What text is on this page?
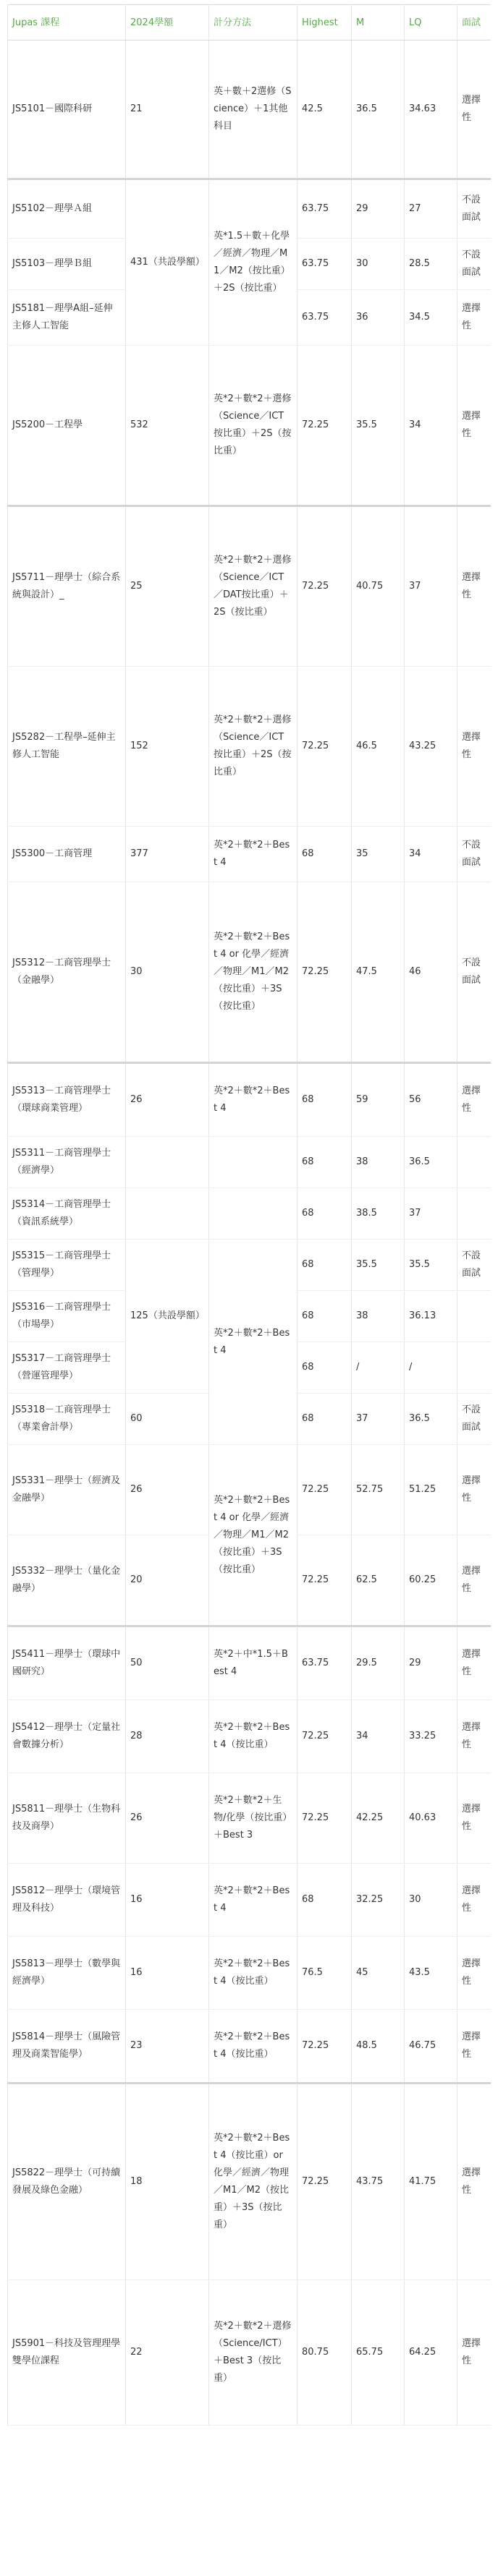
Jupas 課程	2024學額	計分方法	Highest	M	LQ	面試
JS5101－國際科研	21	英＋數＋2選修（Science）＋1其他科目	42.5	36.5	34.63	選擇性
JS5102－理學Ａ組	431（共設學額）	英*1.5＋數＋化學／經濟／物理／M1／M2（按比重）＋2S（按比重）	63.75	29	27	不設面試
JS5103－理學Ｂ組			63.75	30	28.5	不設面試
JS5181－理學A組–延伸主修人工智能			63.75	36	34.5	選擇性
JS5200－工程學	532	英*2＋數*2＋選修（Science／ICT按比重）＋2S（按比重）	72.25	35.5	34	選擇性
JS5711－理學士（綜合系統與設計）_	25	英*2＋數*2＋選修（Science／ICT／DAT按比重）＋2S（按比重）	72.25	40.75	37	選擇性
JS5282－工程學–延伸主修人工智能	152	英*2＋數*2＋選修（Science／ICT按比重）＋2S（按比重）	72.25	46.5	43.25	選擇性
JS5300－工商管理	377	英*2＋數*2＋Best 4	68	35	34	不設面試
JS5312－工商管理學士（金融學）	30	英*2＋數*2＋Best 4 or 化學／經濟／物理／M1／M2（按比重）＋3S（按比重）	72.25	47.5	46	不設面試
JS5313－工商管理學士（環球商業管理）	26	英*2＋數*2＋Best 4	68	59	56	選擇性
JS5311－工商管理學士（經濟學）			68	38	36.5	
JS5314－工商管理學士（資訊系統學）			68	38.5	37	
JS5315－工商管理學士（管理學）	125（共設學額）	英*2＋數*2＋Best 4	68	35.5	35.5	不設面試
JS5316－工商管理學士（市場學）			68	38	36.13	
JS5317－工商管理學士（營運管理學）			68	/	/	
JS5318－工商管理學士（專業會計學）	60		68	37	36.5	不設面試
JS5331－理學士（經濟及金融學）	26	英*2＋數*2＋Best 4 or 化學／經濟／物理／M1／M2（按比重）＋3S（按比重）	72.25	52.75	51.25	選擇性
JS5332－理學士（量化金融學）	20		72.25	62.5	60.25	選擇性
JS5411－理學士（環球中國研究）	50	英*2＋中*1.5＋Best 4	63.75	29.5	29	選擇性
JS5412－理學士（定量社會數據分析）	28	英*2＋數*2＋Best 4（按比重）	72.25	34	33.25	選擇性
JS5811－理學士（生物科技及商學）	26	英*2＋數*2＋生物/化學（按比重）＋Best 3	72.25	42.25	40.63	選擇性
JS5812－理學士（環境管理及科技）	16	英*2＋數*2＋Best 4	68	32.25	30	選擇性
JS5813－理學士（數學與經濟學）	16	英*2＋數*2＋Best 4（按比重）	76.5	45	43.5	選擇性
JS5814－理學士（風險管理及商業智能學）	23	英*2＋數*2＋Best 4（按比重）	72.25	48.5	46.75	選擇性
JS5822－理學士（可持續發展及綠色金融）	18	英*2＋數*2＋Best 4（按比重）or 化學／經濟／物理／M1／M2（按比重）＋3S（按比重）	72.25	43.75	41.75	選擇性
JS5901－科技及管理理學雙學位課程	22	英*2＋數*2＋選修（Science/ICT）＋Best 3（按比重）	80.75	65.75	64.25	選擇性
